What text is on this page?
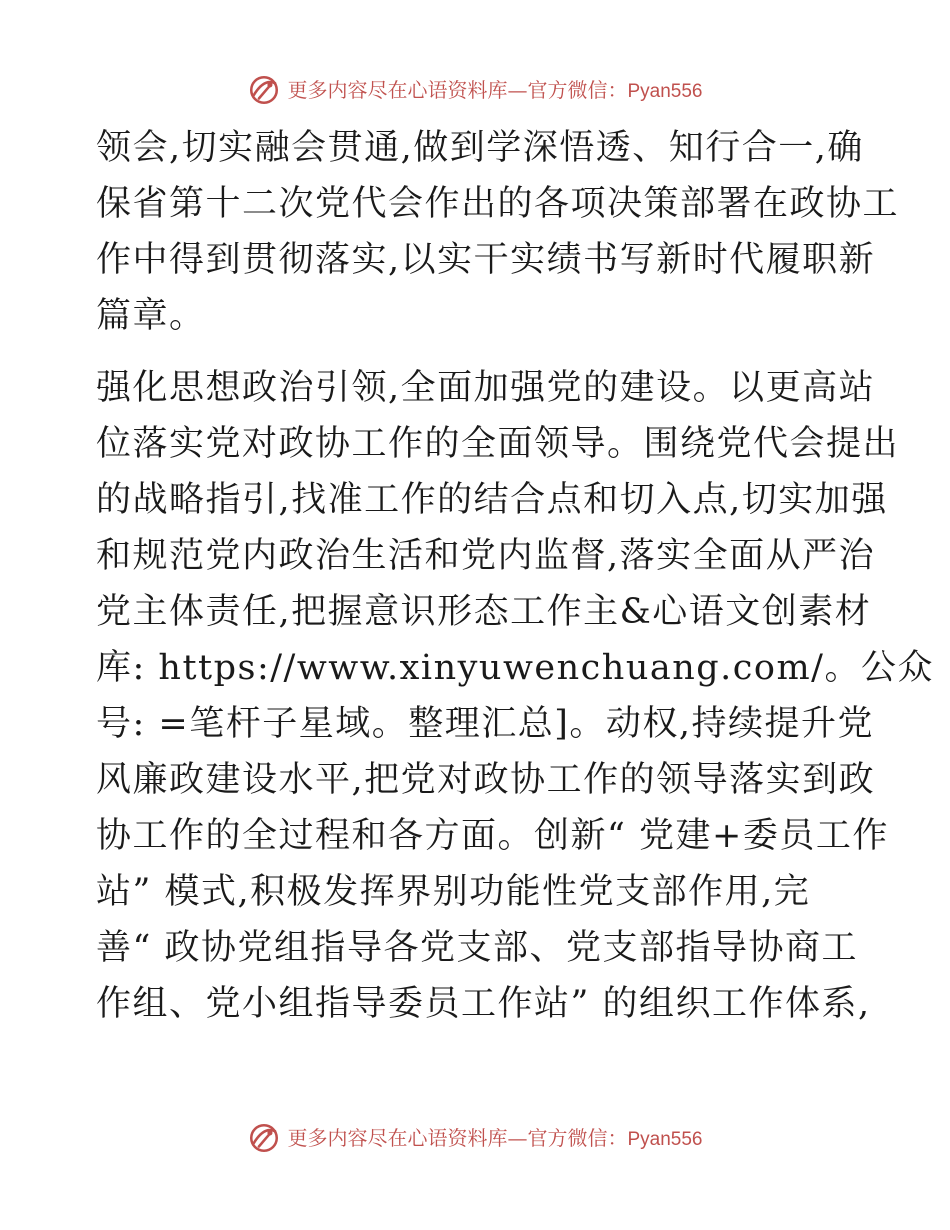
更多内容尽在心语资料库—官方微信：Pyan556
领会,切实融会贯通,做到学深悟透、知行合一,确
保省第十二次党代会作出的各项决策部署在政协工
作中得到贯彻落实,以实干实绩书写新时代履职新
篇章。
强化思想政治引领,全面加强党的建设。以更高站
位落实党对政协工作的全面领导。围绕党代会提出
的战略指引,找准工作的结合点和切入点,切实加强
和规范党内政治生活和党内监督,落实全面从严治
党主体责任,把握意识形态工作主&心语文创素材
库: https://www.xinyuwenchuang.com/。公众
号: =笔杆子星域。整理汇总]。动权,持续提升党
风廉政建设水平,把党对政协工作的领导落实到政
协工作的全过程和各方面。创新“ 党建+委员工作
站” 模式,积极发挥界别功能性党支部作用,完
善“ 政协党组指导各党支部、党支部指导协商工
作组、党小组指导委员工作站” 的组织工作体系,
更多内容尽在心语资料库—官方微信：Pyan556
